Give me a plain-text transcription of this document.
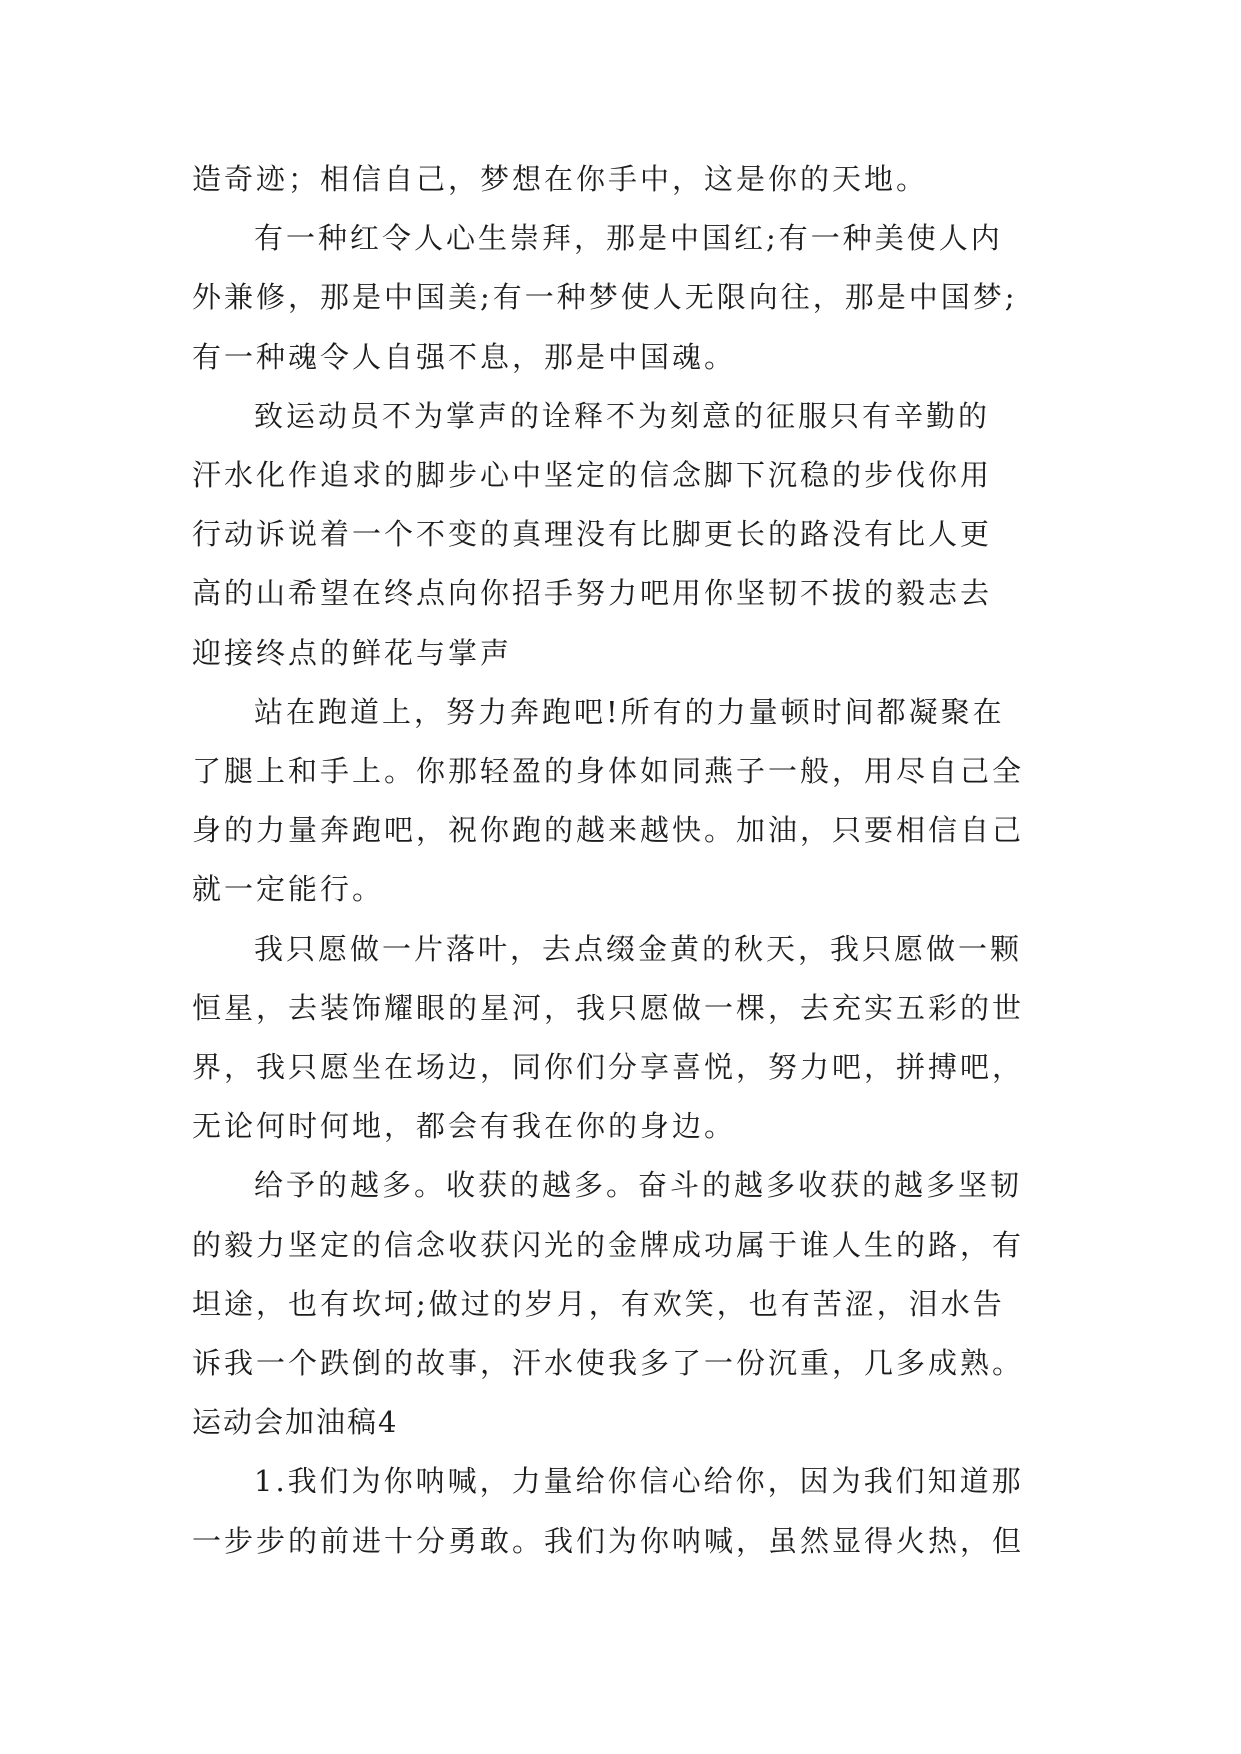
造奇迹；相信自己，梦想在你手中，这是你的天地。

有一种红令人心生崇拜，那是中国红;有一种美使人内
外兼修，那是中国美;有一种梦使人无限向往，那是中国梦;
有一种魂令人自强不息，那是中国魂。

致运动员不为掌声的诠释不为刻意的征服只有辛勤的
汗水化作追求的脚步心中坚定的信念脚下沉稳的步伐你用
行动诉说着一个不变的真理没有比脚更长的路没有比人更
高的山希望在终点向你招手努力吧用你坚韧不拔的毅志去
迎接终点的鲜花与掌声

站在跑道上，努力奔跑吧!所有的力量顿时间都凝聚在
了腿上和手上。你那轻盈的身体如同燕子一般，用尽自己全
身的力量奔跑吧，祝你跑的越来越快。加油，只要相信自己
就一定能行。

我只愿做一片落叶，去点缀金黄的秋天，我只愿做一颗
恒星，去装饰耀眼的星河，我只愿做一棵，去充实五彩的世
界，我只愿坐在场边，同你们分享喜悦，努力吧，拼搏吧，
无论何时何地，都会有我在你的身边。

给予的越多。收获的越多。奋斗的越多收获的越多坚韧
的毅力坚定的信念收获闪光的金牌成功属于谁人生的路，有
坦途，也有坎坷;做过的岁月，有欢笑，也有苦涩，泪水告
诉我一个跌倒的故事，汗水使我多了一份沉重，几多成熟。

运动会加油稿4

1.我们为你呐喊，力量给你信心给你，因为我们知道那
一步步的前进十分勇敢。我们为你呐喊，虽然显得火热，但
